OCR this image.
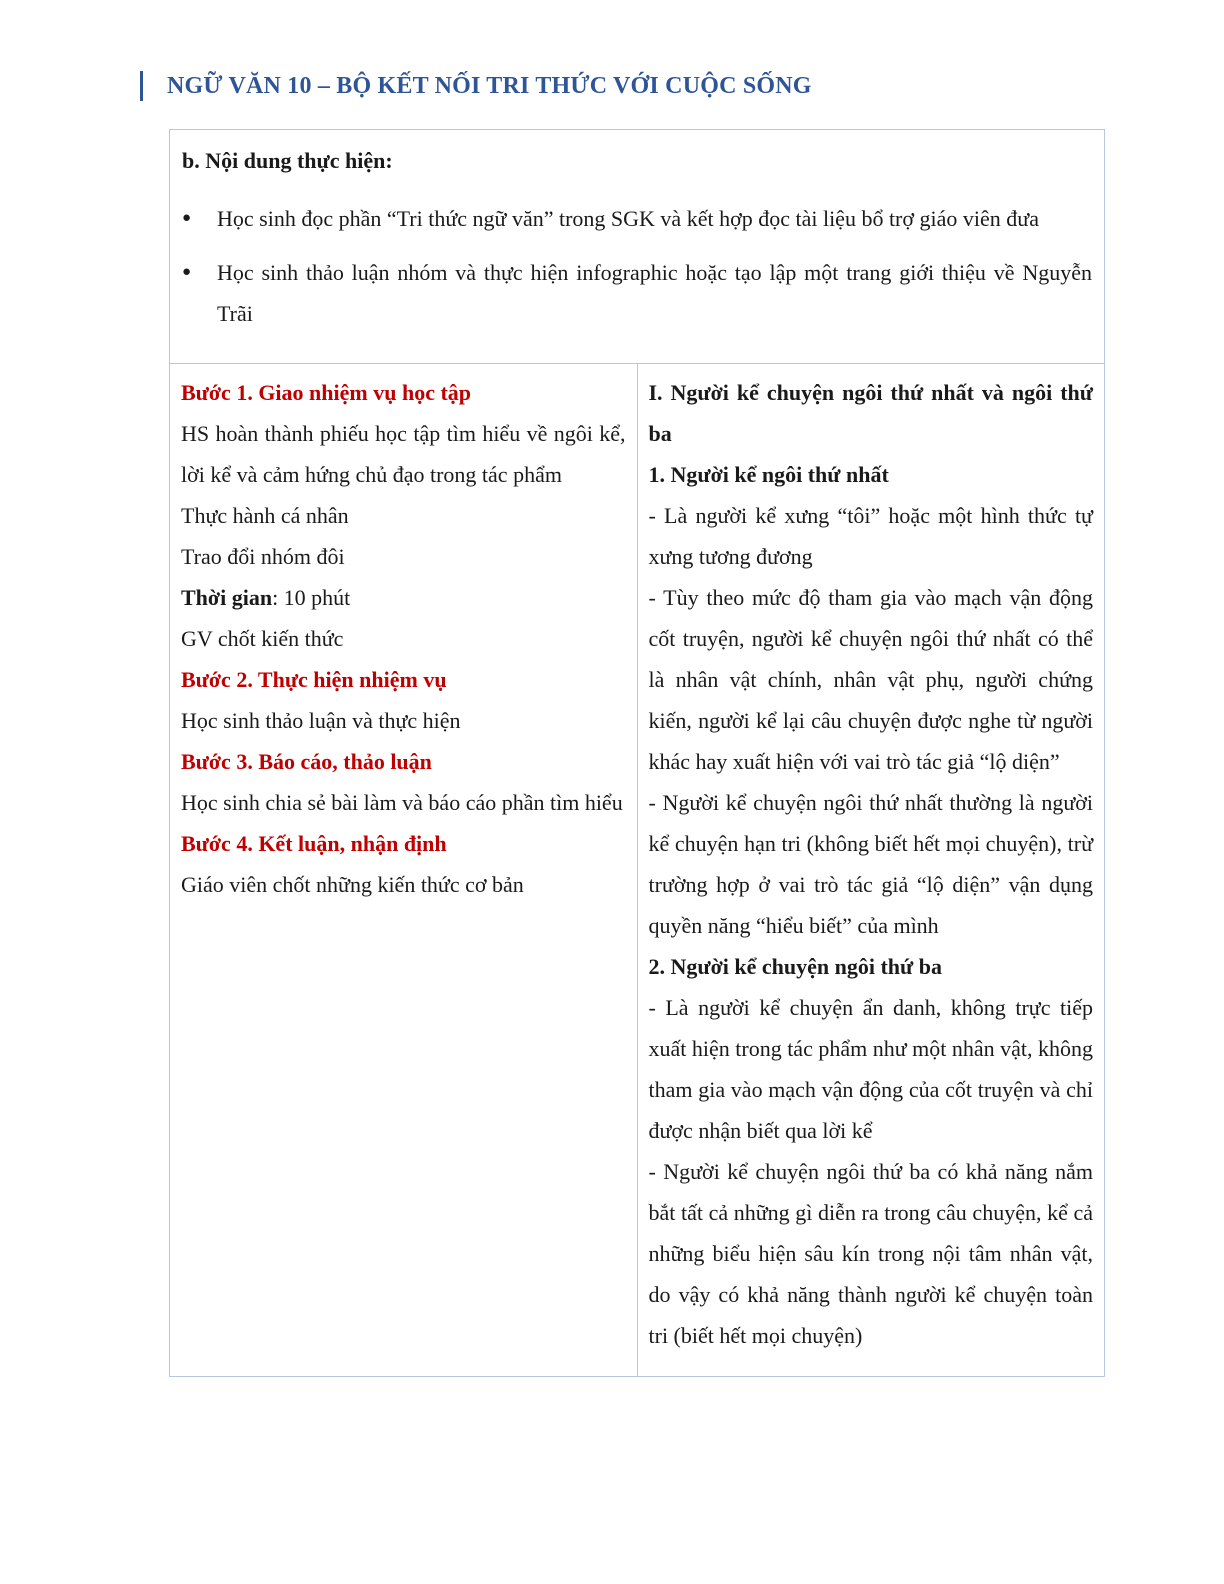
NGỮ VĂN 10 – BỘ KẾT NỐI TRI THỨC VỚI CUỘC SỐNG
b. Nội dung thực hiện:
● Học sinh đọc phần “Tri thức ngữ văn” trong SGK và kết hợp đọc tài liệu bổ trợ giáo viên đưa
● Học sinh thảo luận nhóm và thực hiện infographic hoặc tạo lập một trang giới thiệu về Nguyễn Trãi

Bước 1. Giao nhiệm vụ học tập
HS hoàn thành phiếu học tập tìm hiểu về ngôi kể, lời kể và cảm hứng chủ đạo trong tác phẩm
Thực hành cá nhân
Trao đổi nhóm đôi
Thời gian: 10 phút
GV chốt kiến thức
Bước 2. Thực hiện nhiệm vụ
Học sinh thảo luận và thực hiện
Bước 3. Báo cáo, thảo luận
Học sinh chia sẻ bài làm và báo cáo phần tìm hiểu
Bước 4. Kết luận, nhận định
Giáo viên chốt những kiến thức cơ bản

I. Người kể chuyện ngôi thứ nhất và ngôi thứ ba
1. Người kể ngôi thứ nhất
- Là người kể xưng “tôi” hoặc một hình thức tự xưng tương đương
- Tùy theo mức độ tham gia vào mạch vận động cốt truyện, người kể chuyện ngôi thứ nhất có thể là nhân vật chính, nhân vật phụ, người chứng kiến, người kể lại câu chuyện được nghe từ người khác hay xuất hiện với vai trò tác giả “lộ diện”
- Người kể chuyện ngôi thứ nhất thường là người kể chuyện hạn tri (không biết hết mọi chuyện), trừ trường hợp ở vai trò tác giả “lộ diện” vận dụng quyền năng “hiểu biết” của mình
2. Người kể chuyện ngôi thứ ba
- Là người kể chuyện ẩn danh, không trực tiếp xuất hiện trong tác phẩm như một nhân vật, không tham gia vào mạch vận động của cốt truyện và chỉ được nhận biết qua lời kể
- Người kể chuyện ngôi thứ ba có khả năng nắm bắt tất cả những gì diễn ra trong câu chuyện, kể cả những biểu hiện sâu kín trong nội tâm nhân vật, do vậy có khả năng thành người kể chuyện toàn tri (biết hết mọi chuyện)
